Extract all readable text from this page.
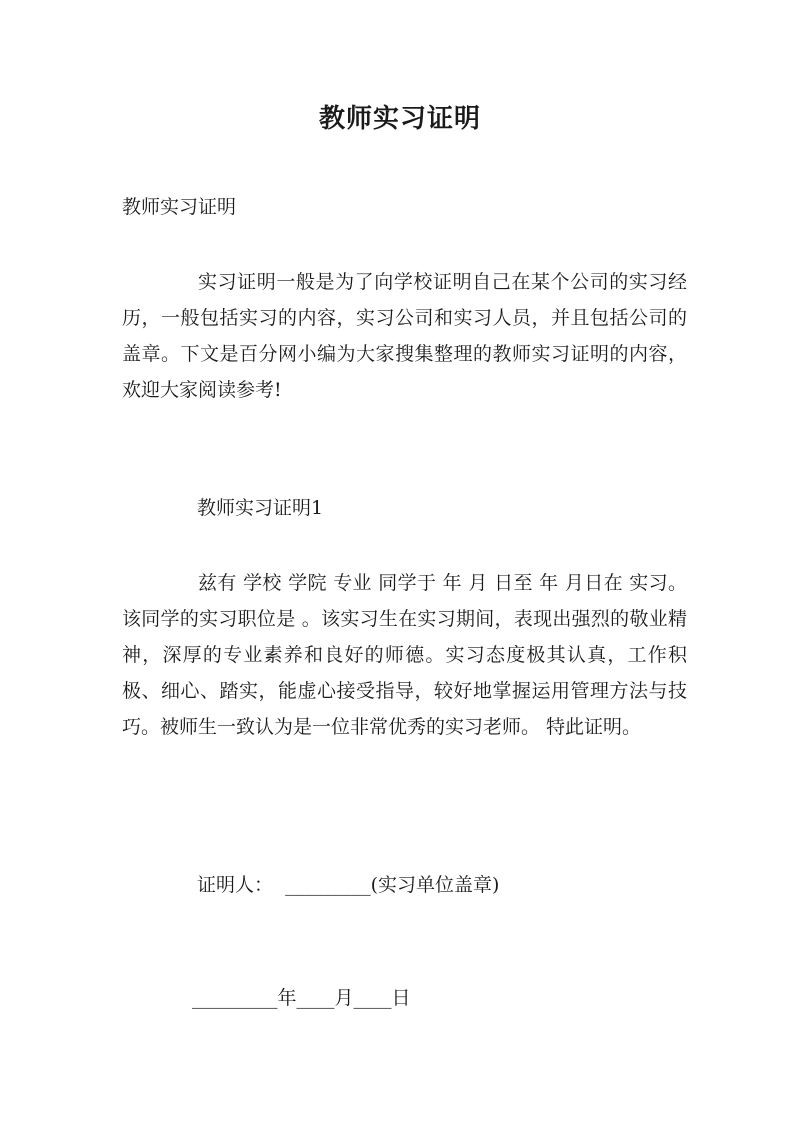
教师实习证明
教师实习证明
实习证明一般是为了向学校证明自己在某个公司的实习经历，一般包括实习的内容，实习公司和实习人员，并且包括公司的盖章。下文是百分网小编为大家搜集整理的教师实习证明的内容，欢迎大家阅读参考!
教师实习证明1
兹有 学校 学院 专业 同学于 年 月 日至 年 月日在 实习。 该同学的实习职位是 。该实习生在实习期间，表现出强烈的敬业精神，深厚的专业素养和良好的师德。实习态度极其认真，工作积极、细心、踏实，能虚心接受指导，较好地掌握运用管理方法与技巧。被师生一致认为是一位非常优秀的实习老师。 特此证明。
证明人：  _________(实习单位盖章)
_________年____月____日
